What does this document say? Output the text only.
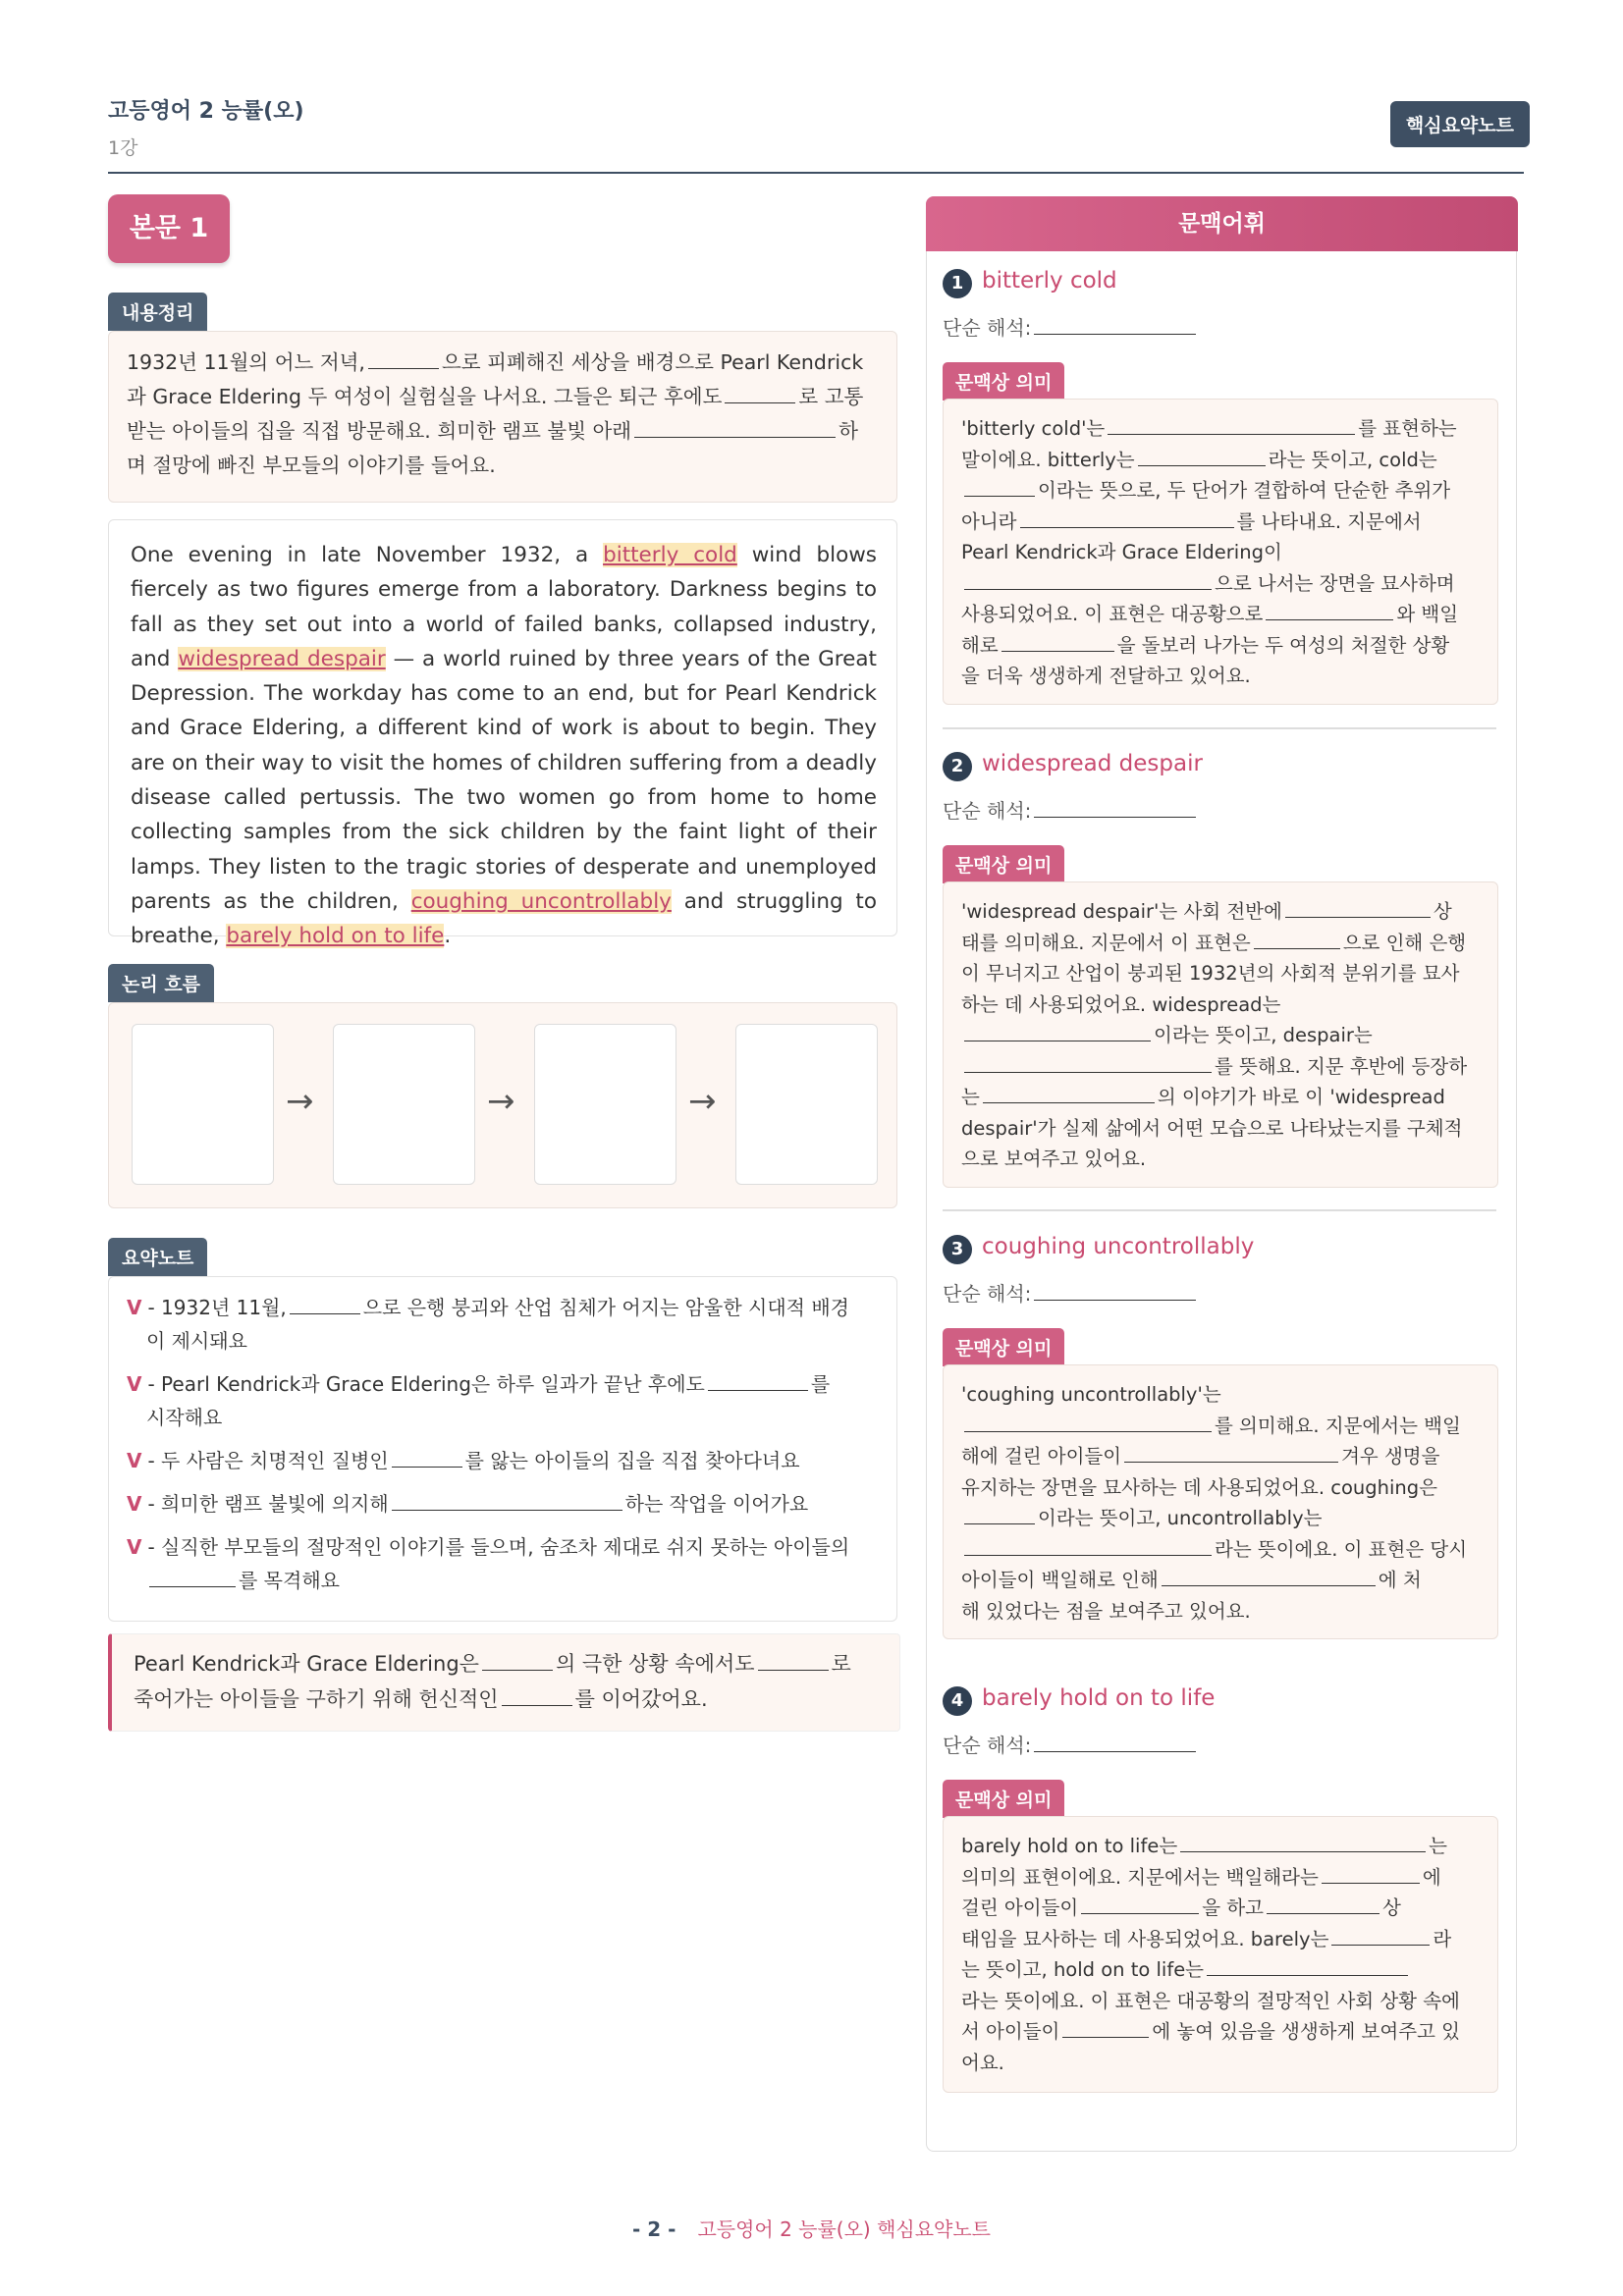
고등영어 2 능률(오)
1강
핵심요약노트
본문 1
내용정리
1932년 11월의 어느 저녁,	으로 피폐해진 세상을 배경으로 Pearl Kendrick 과 Grace Eldering 두 여성이 실험실을 나서요. 그들은 퇴근 후에도	로 고통
받는 아이들의 집을 직접 방문해요. 희미한 램프 불빛 아래	하
며 절망에 빠진 부모들의 이야기를 들어요.
One evening in late November 1932, a bitterly cold wind blows fiercely as two figures emerge from a laboratory. Darkness begins to fall as they set out into a world of failed banks, collapsed industry, and widespread despair — a world ruined by three years of the Great Depression. The workday has come to an end, but for Pearl Kendrick and Grace Eldering, a different kind of work is about to begin. They are on their way to visit the homes of children suffering from a deadly disease called pertussis. The two women go from home to home collecting samples from the sick children by the faint light of their lamps. They listen to the tragic stories of desperate and unemployed parents as the children, coughing uncontrollably and struggling to breathe, barely hold on to life.
논리 흐름
→	→	→
요약노트
V - 1932년 11월,	으로 은행 붕괴와 산업 침체가 어지는 암울한 시대적 배경
이 제시돼요
V - Pearl Kendrick과 Grace Eldering은 하루 일과가 끝난 후에도	를
시작해요
V - 두 사람은 치명적인 질병인	를 앓는 아이들의 집을 직접 찾아다녀요
V - 희미한 램프 불빛에 의지해	하는 작업을 이어가요
V - 실직한 부모들의 절망적인 이야기를 들으며, 숨조차 제대로 쉬지 못하는 아이들의
를 목격해요
Pearl Kendrick과 Grace Eldering은	의 극한 상황 속에서도	로
죽어가는 아이들을 구하기 위해 헌신적인	를 이어갔어요.
문맥어휘
1 bitterly cold
단순 해석:
문맥상 의미
'bitterly cold'는	를 표현하는
말이에요. bitterly는	라는 뜻이고, cold는
이라는 뜻으로, 두 단어가 결합하여 단순한 추위가
아니라	를 나타내요. 지문에서
Pearl Kendrick과 Grace Eldering이
으로 나서는 장면을 묘사하며
사용되었어요. 이 표현은 대공황으로	와 백일
해로	을 돌보러 나가는 두 여성의 처절한 상황
을 더욱 생생하게 전달하고 있어요.
2 widespread despair
단순 해석:
문맥상 의미
'widespread despair'는 사회 전반에	상
태를 의미해요. 지문에서 이 표현은	으로 인해 은행
이 무너지고 산업이 붕괴된 1932년의 사회적 분위기를 묘사
하는 데 사용되었어요. widespread는
이라는 뜻이고, despair는
를 뜻해요. 지문 후반에 등장하
는	의 이야기가 바로 이 'widespread
despair'가 실제 삶에서 어떤 모습으로 나타났는지를 구체적
으로 보여주고 있어요.
3 coughing uncontrollably
단순 해석:
문맥상 의미
'coughing uncontrollably'는
를 의미해요. 지문에서는 백일
해에 걸린 아이들이	겨우 생명을
유지하는 장면을 묘사하는 데 사용되었어요. coughing은
이라는 뜻이고, uncontrollably는
라는 뜻이에요. 이 표현은 당시
아이들이 백일해로 인해	에 처
해 있었다는 점을 보여주고 있어요.
4 barely hold on to life
단순 해석:
문맥상 의미
barely hold on to life는	는
의미의 표현이에요. 지문에서는 백일해라는	에
걸린 아이들이	을 하고	상
태임을 묘사하는 데 사용되었어요. barely는	라
는 뜻이고, hold on to life는
라는 뜻이에요. 이 표현은 대공황의 절망적인 사회 상황 속에
서 아이들이	에 놓여 있음을 생생하게 보여주고 있
어요.
- 2 - 고등영어 2 능률(오) 핵심요약노트
